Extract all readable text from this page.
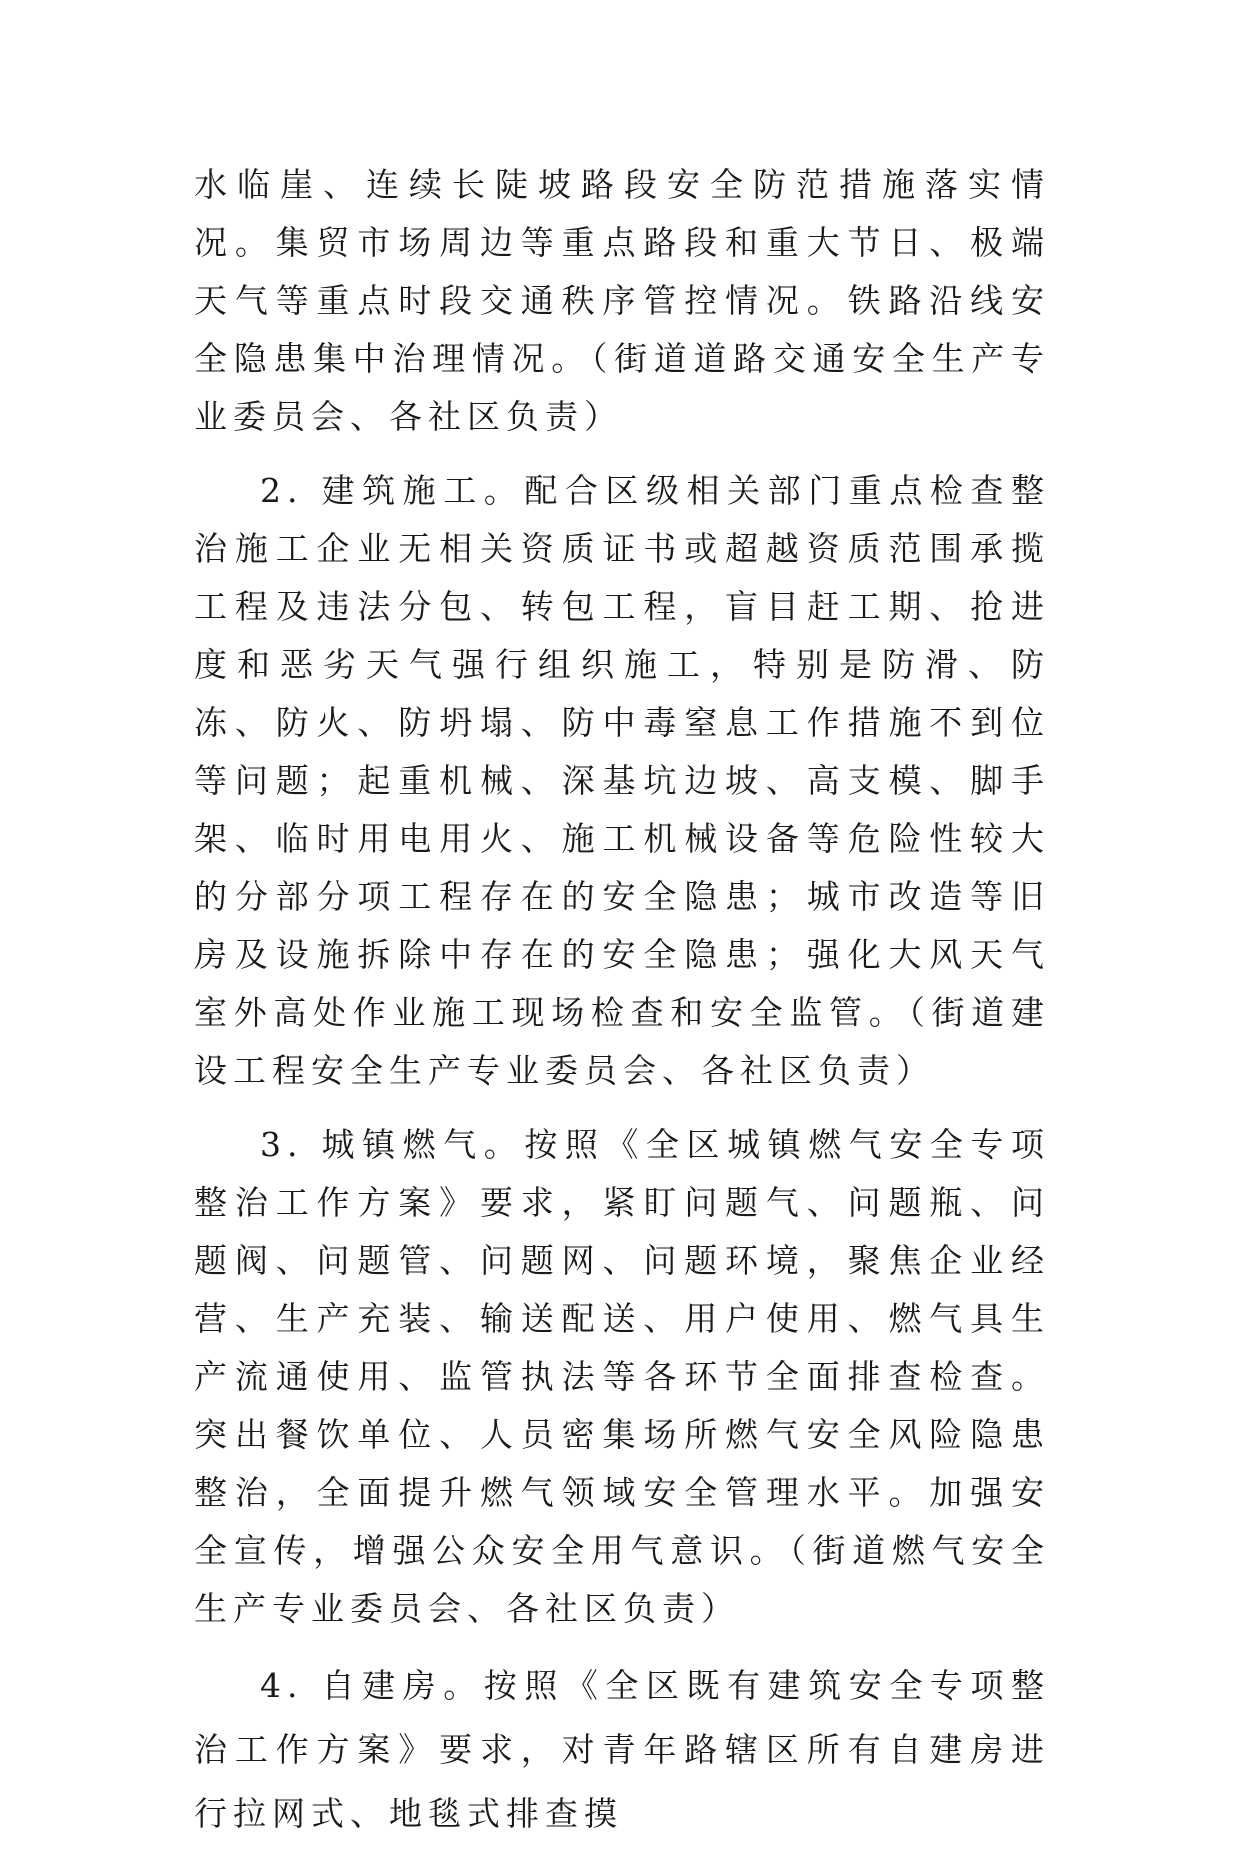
水临崖、连续长陡坡路段安全防范措施落实情况。集贸市场周边等重点路段和重大节日、极端天气等重点时段交通秩序管控情况。铁路沿线安全隐患集中治理情况。（街道道路交通安全生产专业委员会、各社区负责）

2. 建筑施工。配合区级相关部门重点检查整治施工企业无相关资质证书或超越资质范围承揽工程及违法分包、转包工程，盲目赶工期、抢进度和恶劣天气强行组织施工，特别是防滑、防冻、防火、防坍塌、防中毒窒息工作措施不到位等问题；起重机械、深基坑边坡、高支模、脚手架、临时用电用火、施工机械设备等危险性较大的分部分项工程存在的安全隐患；城市改造等旧房及设施拆除中存在的安全隐患；强化大风天气室外高处作业施工现场检查和安全监管。（街道建设工程安全生产专业委员会、各社区负责）

3. 城镇燃气。按照《全区城镇燃气安全专项整治工作方案》要求，紧盯问题气、问题瓶、问题阀、问题管、问题网、问题环境，聚焦企业经营、生产充装、输送配送、用户使用、燃气具生产流通使用、监管执法等各环节全面排查检查。突出餐饮单位、人员密集场所燃气安全风险隐患整治，全面提升燃气领域安全管理水平。加强安全宣传，增强公众安全用气意识。（街道燃气安全生产专业委员会、各社区负责）

4. 自建房。按照《全区既有建筑安全专项整治工作方案》要求，对青年路辖区所有自建房进行拉网式、地毯式排查摸
